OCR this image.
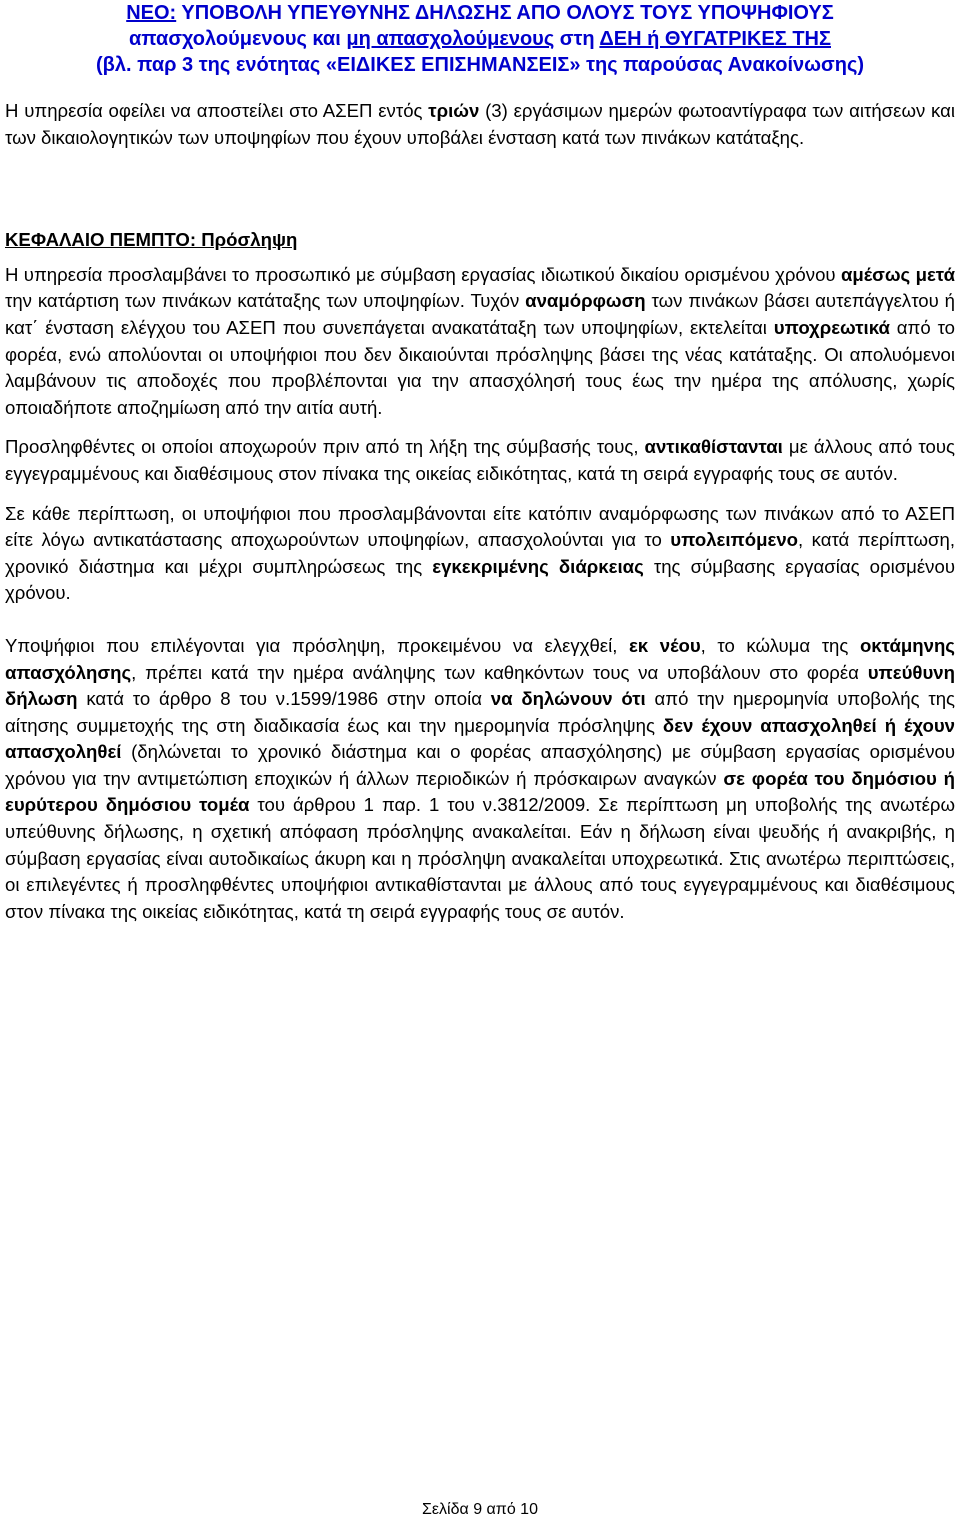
ΝΕΟ: ΥΠΟΒΟΛΗ ΥΠΕΥΘΥΝΗΣ ΔΗΛΩΣΗΣ ΑΠΟ ΟΛΟΥΣ ΤΟΥΣ ΥΠΟΨΗΦΙΟΥΣ
απασχολούμενους και μη απασχολούμενους στη ΔΕΗ ή ΘΥΓΑΤΡΙΚΕΣ ΤΗΣ
(βλ. παρ 3 της ενότητας «ΕΙΔΙΚΕΣ ΕΠΙΣΗΜΑΝΣΕΙΣ» της παρούσας Ανακοίνωσης)

Η υπηρεσία οφείλει να αποστείλει στο ΑΣΕΠ εντός τριών (3) εργάσιμων ημερών φωτοαντίγραφα των αιτήσεων και των δικαιολογητικών των υποψηφίων που έχουν υποβάλει ένσταση κατά των πινάκων κατάταξης.

ΚΕΦΑΛΑΙΟ ΠΕΜΠΤΟ: Πρόσληψη

Η υπηρεσία προσλαμβάνει το προσωπικό με σύμβαση εργασίας ιδιωτικού δικαίου ορισμένου χρόνου αμέσως μετά την κατάρτιση των πινάκων κατάταξης των υποψηφίων. Τυχόν αναμόρφωση των πινάκων βάσει αυτεπάγγελτου ή κατ΄ ένσταση ελέγχου του ΑΣΕΠ που συνεπάγεται ανακατάταξη των υποψηφίων, εκτελείται υποχρεωτικά από το φορέα, ενώ απολύονται οι υποψήφιοι που δεν δικαιούνται πρόσληψης βάσει της νέας κατάταξης. Οι απολυόμενοι λαμβάνουν τις αποδοχές που προβλέπονται για την απασχόλησή τους έως την ημέρα της απόλυσης, χωρίς οποιαδήποτε αποζημίωση από την αιτία αυτή.

Προσληφθέντες οι οποίοι αποχωρούν πριν από τη λήξη της σύμβασής τους, αντικαθίστανται με άλλους από τους εγγεγραμμένους και διαθέσιμους στον πίνακα της οικείας ειδικότητας, κατά τη σειρά εγγραφής τους σε αυτόν.

Σε κάθε περίπτωση, οι υποψήφιοι που προσλαμβάνονται είτε κατόπιν αναμόρφωσης των πινάκων από το ΑΣΕΠ είτε λόγω αντικατάστασης αποχωρούντων υποψηφίων, απασχολούνται για το υπολειπόμενο, κατά περίπτωση, χρονικό διάστημα και μέχρι συμπληρώσεως της εγκεκριμένης διάρκειας της σύμβασης εργασίας ορισμένου χρόνου.

Υποψήφιοι που επιλέγονται για πρόσληψη, προκειμένου να ελεγχθεί, εκ νέου, το κώλυμα της οκτάμηνης απασχόλησης, πρέπει κατά την ημέρα ανάληψης των καθηκόντων τους να υποβάλουν στο φορέα υπεύθυνη δήλωση κατά το άρθρο 8 του ν.1599/1986 στην οποία να δηλώνουν ότι από την ημερομηνία υποβολής της αίτησης συμμετοχής της στη διαδικασία έως και την ημερομηνία πρόσληψης δεν έχουν απασχοληθεί ή έχουν απασχοληθεί (δηλώνεται το χρονικό διάστημα και ο φορέας απασχόλησης) με σύμβαση εργασίας ορισμένου χρόνου για την αντιμετώπιση εποχικών ή άλλων περιοδικών ή πρόσκαιρων αναγκών σε φορέα του δημόσιου ή ευρύτερου δημόσιου τομέα του άρθρου 1 παρ. 1 του ν.3812/2009. Σε περίπτωση μη υποβολής της ανωτέρω υπεύθυνης δήλωσης, η σχετική απόφαση πρόσληψης ανακαλείται. Εάν η δήλωση είναι ψευδής ή ανακριβής, η σύμβαση εργασίας είναι αυτοδικαίως άκυρη και η πρόσληψη ανακαλείται υποχρεωτικά. Στις ανωτέρω περιπτώσεις, οι επιλεγέντες ή προσληφθέντες υποψήφιοι αντικαθίστανται με άλλους από τους εγγεγραμμένους και διαθέσιμους στον πίνακα της οικείας ειδικότητας, κατά τη σειρά εγγραφής τους σε αυτόν.

Σελίδα 9 από 10
